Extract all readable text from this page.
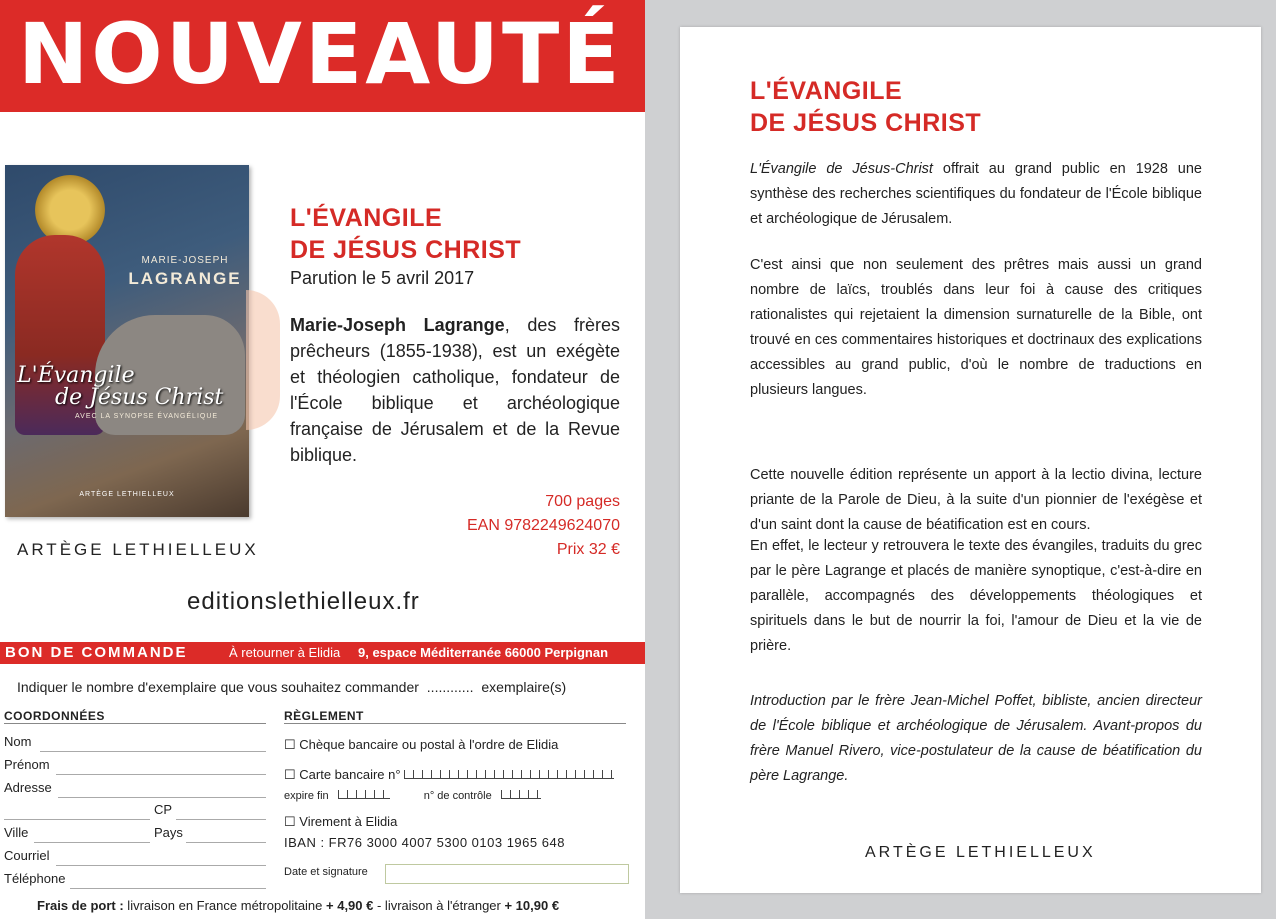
NOUVEAUTÉ
MARIE-JOSEPH
LAGRANGE
L'Évangile
de Jésus Christ
AVEC LA SYNOPSE ÉVANGÉLIQUE
ARTÈGE LETHIELLEUX
L'ÉVANGILE
DE JÉSUS CHRIST
Parution le 5 avril 2017
Marie-Joseph Lagrange, des frères prêcheurs (1855-1938), est un exégète et théologien catholique, fondateur de l'École biblique et archéologique française de Jérusalem et de la Revue biblique.
700 pages
EAN 9782249624070
Prix 32 €
ARTÈGE LETHIELLEUX
editionslethielleux.fr
BON DE COMMANDE	À retourner à Elidia 9, espace Méditerranée 66000 Perpignan
Indiquer le nombre d'exemplaire que vous souhaitez commander ............ exemplaire(s)
COORDONNÉES	RÈGLEMENT
Nom
Prénom
Adresse
CP
Ville	Pays
Courriel
Téléphone
☐ Chèque bancaire ou postal à l'ordre de Elidia
☐ Carte bancaire n°
expire fin	n° de contrôle
☐ Virement à Elidia
IBAN : FR76 3000 4007 5300 0103 1965 648
Date et signature
Frais de port : livraison en France métropolitaine + 4,90 € - livraison à l'étranger + 10,90 €
L'ÉVANGILE
DE JÉSUS CHRIST
L'Évangile de Jésus-Christ offrait au grand public en 1928 une synthèse des recherches scientifiques du fondateur de l'École biblique et archéologique de Jérusalem.
C'est ainsi que non seulement des prêtres mais aussi un grand nombre de laïcs, troublés dans leur foi à cause des critiques rationalistes qui rejetaient la dimension surnaturelle de la Bible, ont trouvé en ces commentaires historiques et doctrinaux des explications accessibles au grand public, d'où le nombre de traductions en plusieurs langues.
Cette nouvelle édition représente un apport à la lectio divina, lecture priante de la Parole de Dieu, à la suite d'un pionnier de l'exégèse et d'un saint dont la cause de béatification est en cours.
En effet, le lecteur y retrouvera le texte des évangiles, traduits du grec par le père Lagrange et placés de manière synoptique, c'est-à-dire en parallèle, accompagnés des développements théologiques et spirituels dans le but de nourrir la foi, l'amour de Dieu et la vie de prière.
Introduction par le frère Jean-Michel Poffet, bibliste, ancien directeur de l'École biblique et archéologique de Jérusalem. Avant-propos du frère Manuel Rivero, vice-postulateur de la cause de béatification du père Lagrange.
ARTÈGE LETHIELLEUX
